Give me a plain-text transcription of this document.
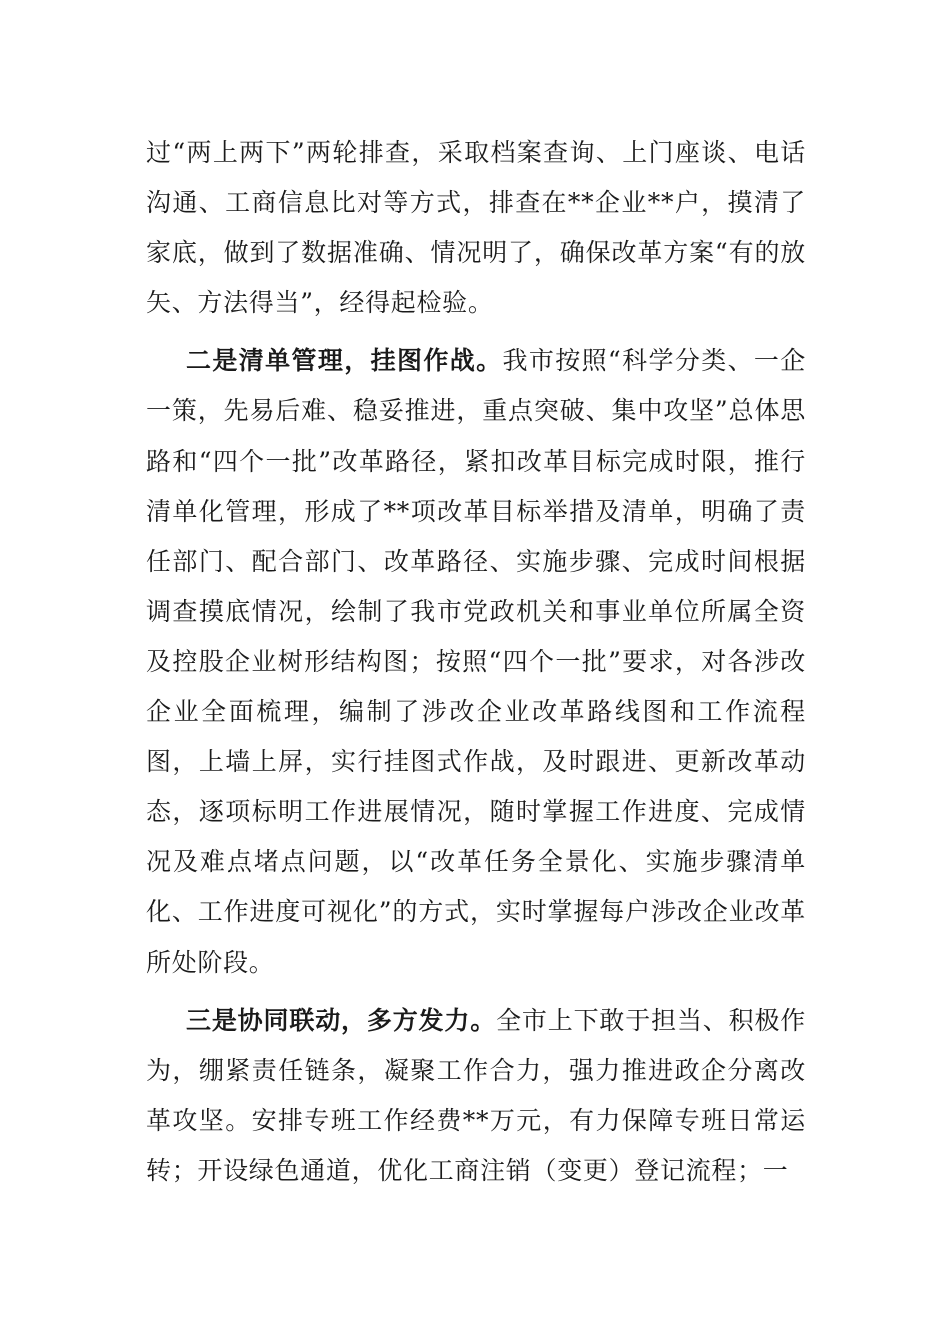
过“两上两下”两轮排查，采取档案查询、上门座谈、电话沟通、工商信息比对等方式，排查在**企业**户，摸清了家底，做到了数据准确、情况明了，确保改革方案“有的放矢、方法得当”，经得起检验。

二是清单管理，挂图作战。我市按照“科学分类、一企一策，先易后难、稳妥推进，重点突破、集中攻坚”总体思路和“四个一批”改革路径，紧扣改革目标完成时限，推行清单化管理，形成了**项改革目标举措及清单，明确了责任部门、配合部门、改革路径、实施步骤、完成时间根据调查摸底情况，绘制了我市党政机关和事业单位所属全资及控股企业树形结构图；按照“四个一批”要求，对各涉改企业全面梳理，编制了涉改企业改革路线图和工作流程图，上墙上屏，实行挂图式作战，及时跟进、更新改革动态，逐项标明工作进展情况，随时掌握工作进度、完成情况及难点堵点问题，以“改革任务全景化、实施步骤清单化、工作进度可视化”的方式，实时掌握每户涉改企业改革所处阶段。

三是协同联动，多方发力。全市上下敢于担当、积极作为，绷紧责任链条，凝聚工作合力，强力推进政企分离改革攻坚。安排专班工作经费**万元，有力保障专班日常运转；开设绿色通道，优化工商注销（变更）登记流程；一
